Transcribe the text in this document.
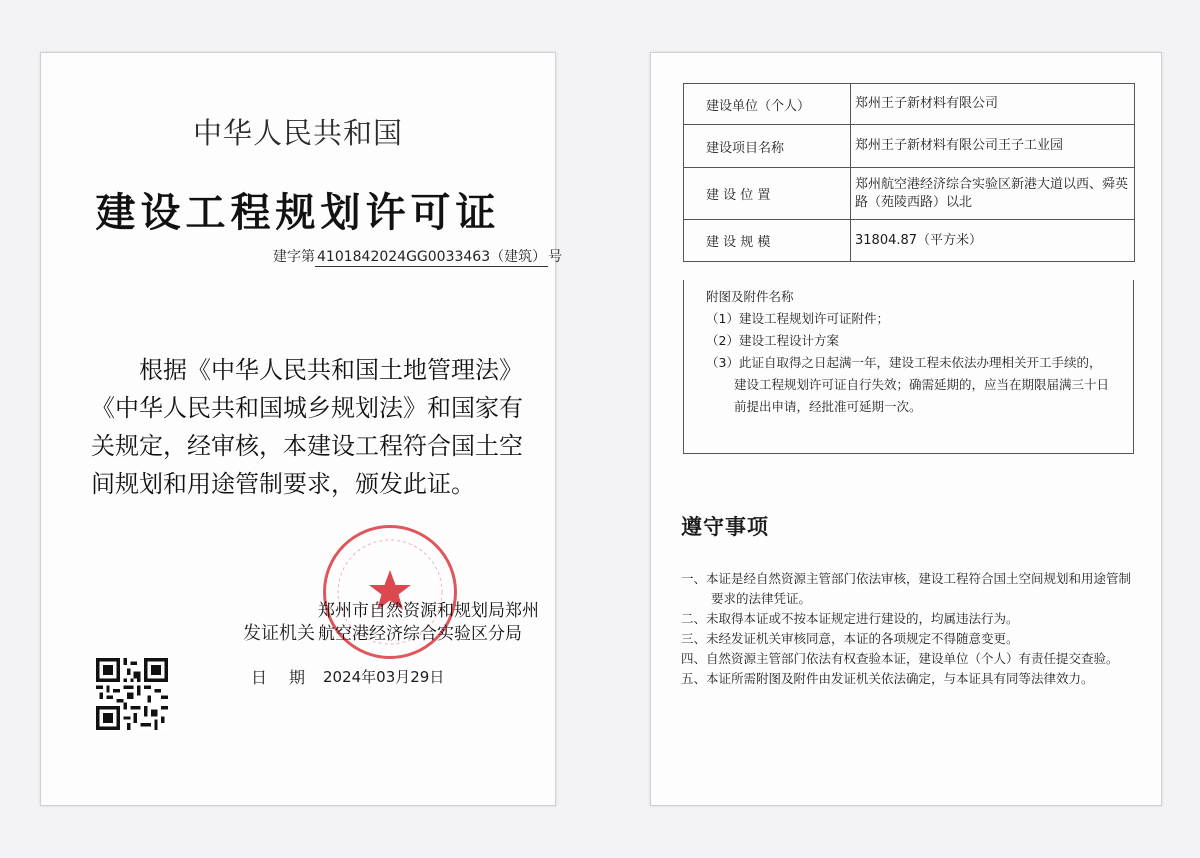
中华人民共和国
建设工程规划许可证
建字第 4101842024GG0033463（建筑） 号
根据《中华人民共和国土地管理法》《中华人民共和国城乡规划法》和国家有关规定，经审核，本建设工程符合国土空间规划和用途管制要求，颁发此证。
发证机关
郑州市自然资源和规划局郑州航空港经济综合实验区分局
日期
2024年03月29日
建设单位（个人）	郑州王子新材料有限公司
建设项目名称	郑州王子新材料有限公司王子工业园
建 设 位 置	郑州航空港经济综合实验区新港大道以西、舜英路（苑陵西路）以北
建 设 规 模	31804.87（平方米）
附图及附件名称
（1）建设工程规划许可证附件；
（2）建设工程设计方案
（3）此证自取得之日起满一年，建设工程未依法办理相关开工手续的，建设工程规划许可证自行失效；确需延期的，应当在期限届满三十日前提出申请，经批准可延期一次。
遵守事项
一、本证是经自然资源主管部门依法审核，建设工程符合国土空间规划和用途管制要求的法律凭证。
二、未取得本证或不按本证规定进行建设的，均属违法行为。
三、未经发证机关审核同意，本证的各项规定不得随意变更。
四、自然资源主管部门依法有权查验本证，建设单位（个人）有责任提交查验。
五、本证所需附图及附件由发证机关依法确定，与本证具有同等法律效力。
